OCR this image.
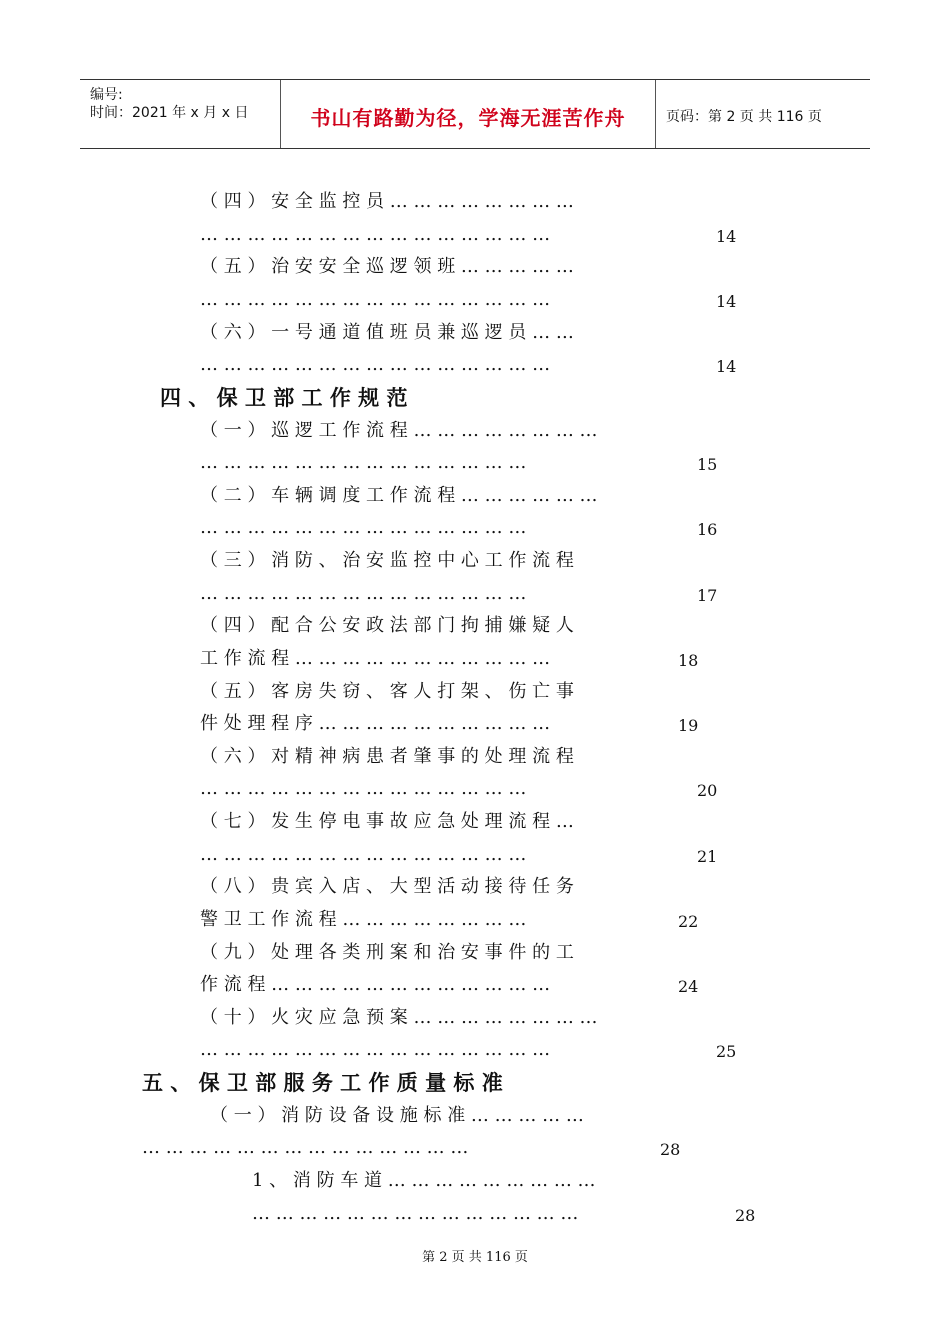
编号:
时间：2021 年 x 月 x 日	书山有路勤为径，学海无涯苦作舟	页码：第 2 页 共 116 页
（ 四 ） 安 全 监 控 员 … … … … … … … …
… … … … … … … … … … … … … … …	14
（ 五 ） 治 安 安 全 巡 逻 领 班 … … … … …
… … … … … … … … … … … … … … …	14
（ 六 ） 一 号 通 道 值 班 员 兼 巡 逻 员 … …
… … … … … … … … … … … … … … …	14
四 、 保 卫 部 工 作 规 范
（ 一 ） 巡 逻 工 作 流 程 … … … … … … … …
… … … … … … … … … … … … … …	15
（ 二 ） 车 辆 调 度 工 作 流 程 … … … … … …
… … … … … … … … … … … … … …	16
（ 三 ） 消 防 、 治 安 监 控 中 心 工 作 流 程
… … … … … … … … … … … … … …	17
（ 四 ） 配 合 公 安 政 法 部 门 拘 捕 嫌 疑 人
工 作 流 程 … … … … … … … … … … …	18
（ 五 ） 客 房 失 窃 、 客 人 打 架 、 伤 亡 事
件 处 理 程 序 … … … … … … … … … …	19
（ 六 ） 对 精 神 病 患 者 肇 事 的 处 理 流 程
… … … … … … … … … … … … … …	20
（ 七 ） 发 生 停 电 事 故 应 急 处 理 流 程 …
… … … … … … … … … … … … … …	21
（ 八 ） 贵 宾 入 店 、 大 型 活 动 接 待 任 务
警 卫 工 作 流 程 … … … … … … … …	22
（ 九 ） 处 理 各 类 刑 案 和 治 安 事 件 的 工
作 流 程 … … … … … … … … … … … …	24
（ 十 ） 火 灾 应 急 预 案 … … … … … … … …
… … … … … … … … … … … … … … …	25
五 、 保 卫 部 服 务 工 作 质 量 标 准
（ 一 ） 消 防 设 备 设 施 标 准 … … … … …
… … … … … … … … … … … … … …	28
1 、 消 防 车 道 … … … … … … … … …
… … … … … … … … … … … … … …	28
第 2 页 共 116 页
